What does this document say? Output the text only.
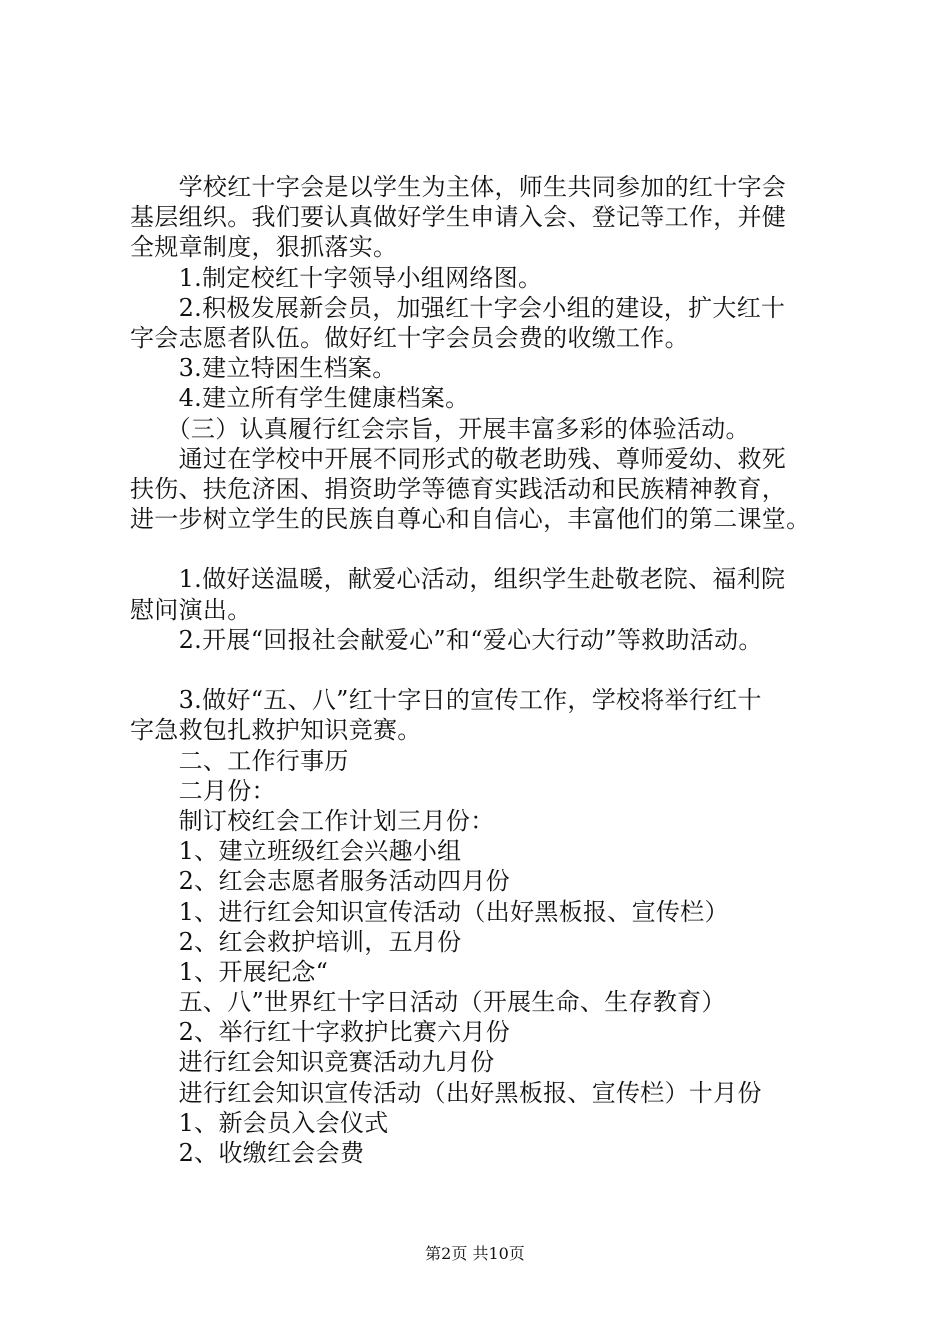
　　学校红十字会是以学生为主体，师生共同参加的红十字会
基层组织。我们要认真做好学生申请入会、登记等工作，并健
全规章制度，狠抓落实。
　　1.制定校红十字领导小组网络图。
　　2.积极发展新会员，加强红十字会小组的建设，扩大红十
字会志愿者队伍。做好红十字会员会费的收缴工作。
　　3.建立特困生档案。
　　4.建立所有学生健康档案。
　　（三）认真履行红会宗旨，开展丰富多彩的体验活动。
　　通过在学校中开展不同形式的敬老助残、尊师爱幼、救死
扶伤、扶危济困、捐资助学等德育实践活动和民族精神教育，
进一步树立学生的民族自尊心和自信心，丰富他们的第二课堂。
　　1.做好送温暖，献爱心活动，组织学生赴敬老院、福利院
慰问演出。
　　2.开展“回报社会献爱心”和“爱心大行动”等救助活动。
　　3.做好“五、八”红十字日的宣传工作，学校将举行红十
字急救包扎救护知识竞赛。
　　二、工作行事历
　　二月份：
　　制订校红会工作计划三月份：
　　1、建立班级红会兴趣小组
　　2、红会志愿者服务活动四月份
　　1、进行红会知识宣传活动（出好黑板报、宣传栏）
　　2、红会救护培训，五月份
　　1、开展纪念“
　　五、八”世界红十字日活动（开展生命、生存教育）
　　2、举行红十字救护比赛六月份
　　进行红会知识竞赛活动九月份
　　进行红会知识宣传活动（出好黑板报、宣传栏）十月份
　　1、新会员入会仪式
　　2、收缴红会会费
第2页 共10页
